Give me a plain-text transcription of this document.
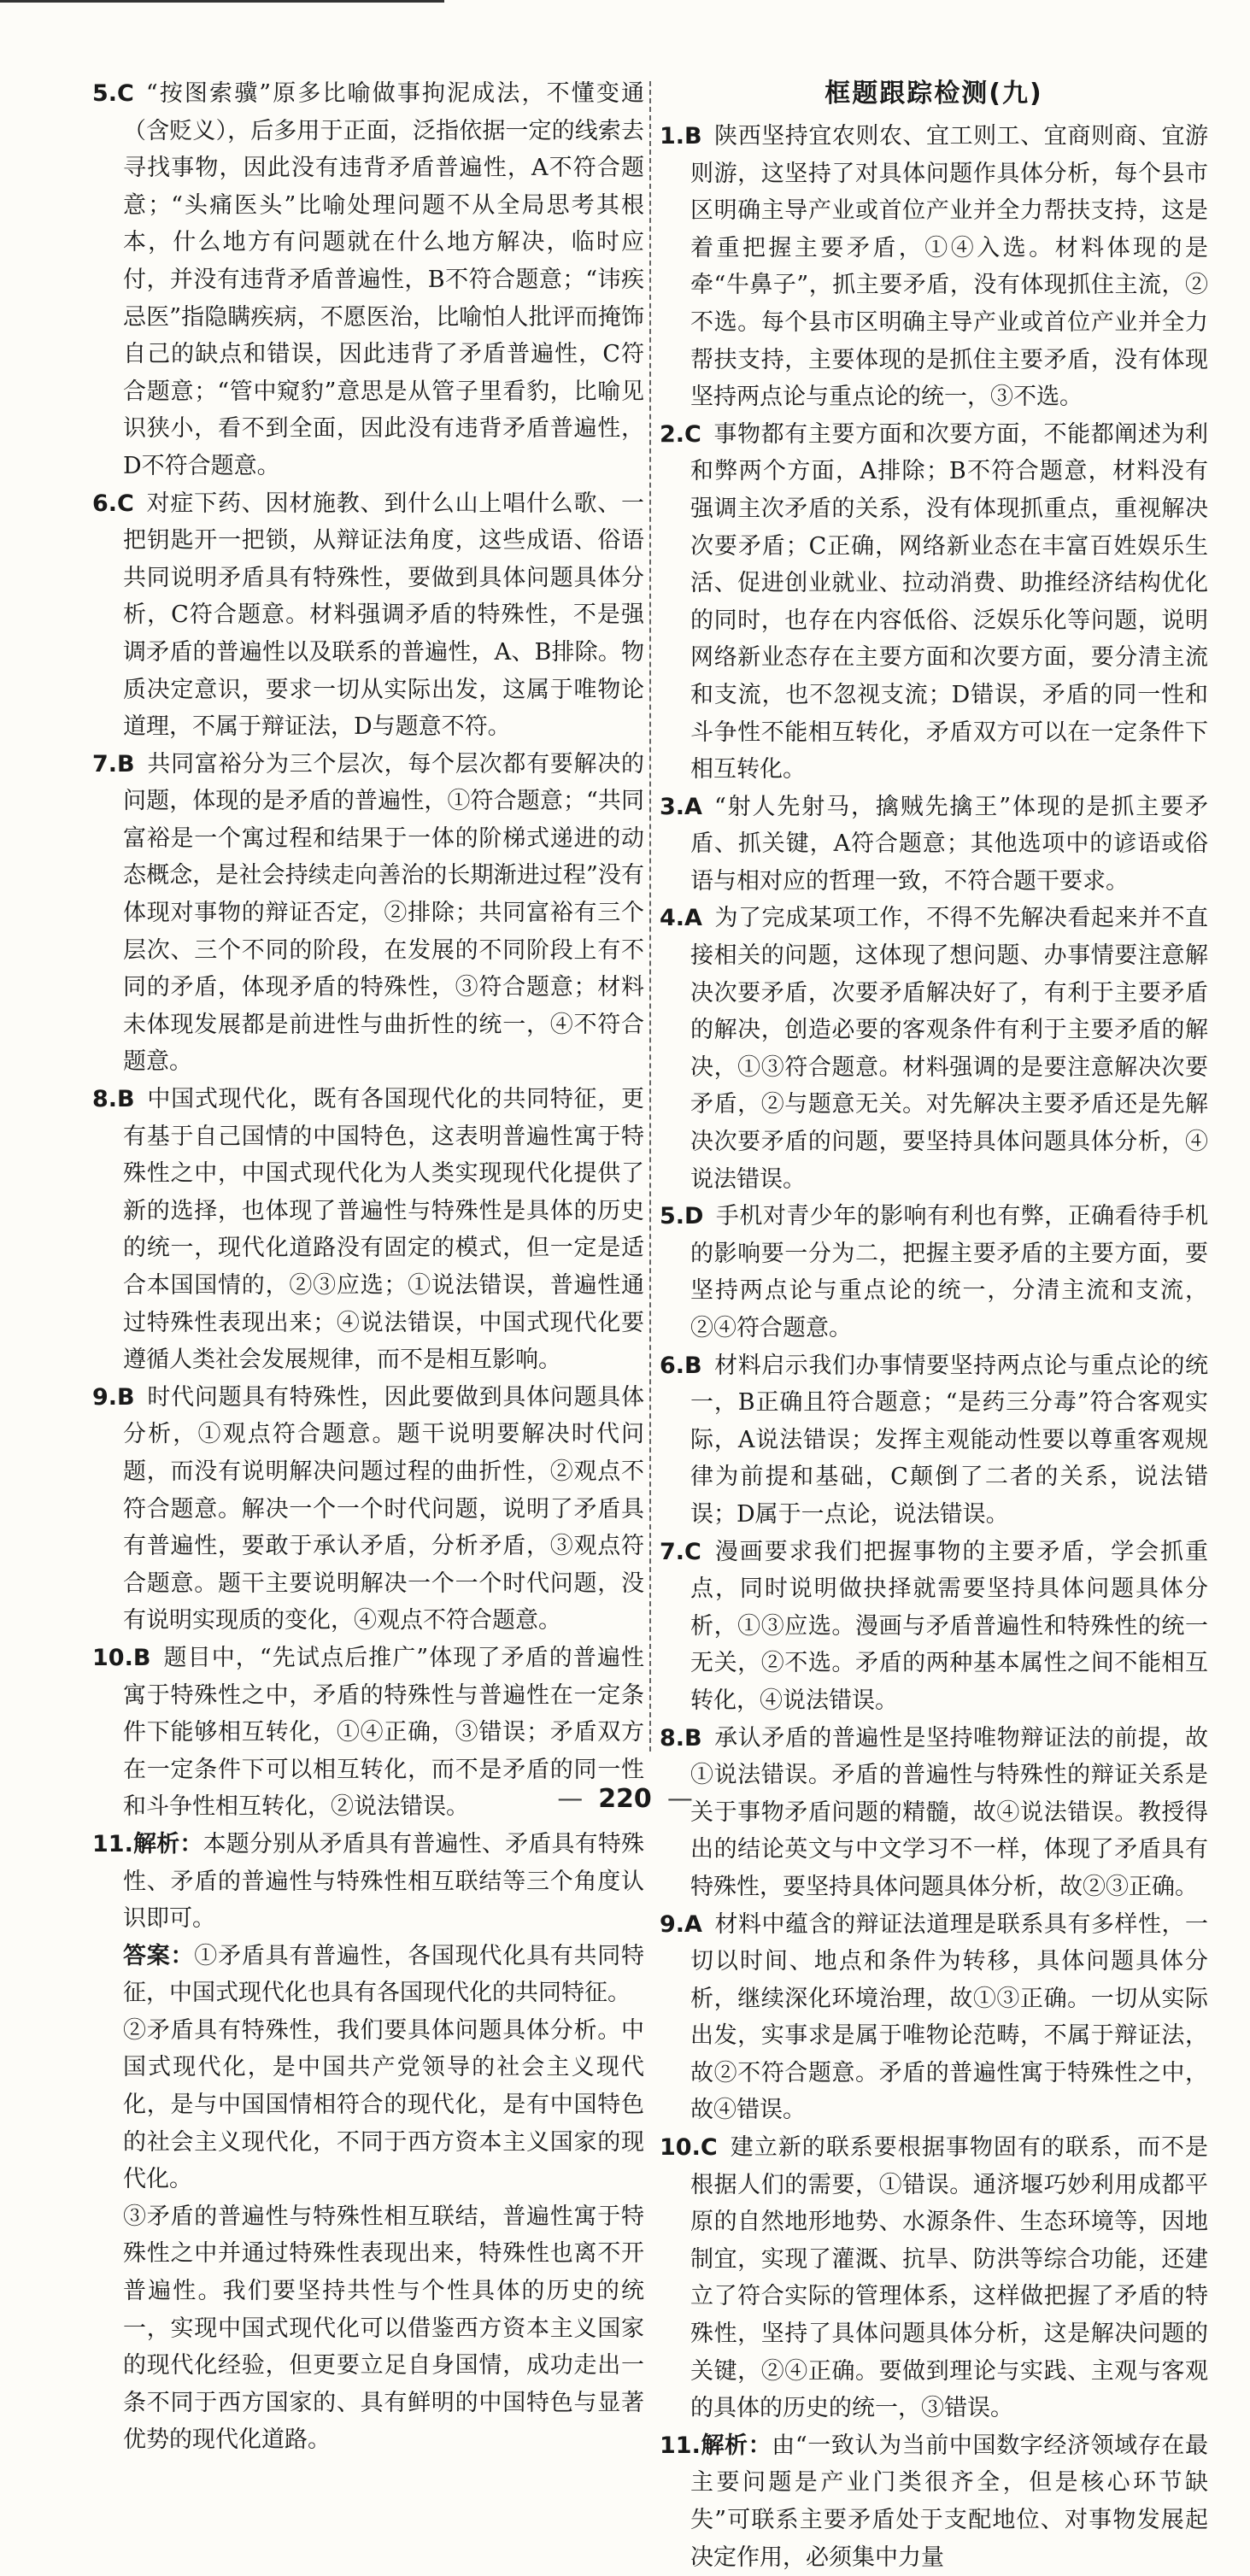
5.C “按图索骥”原多比喻做事拘泥成法，不懂变通（含贬义），后多用于正面，泛指依据一定的线索去寻找事物，因此没有违背矛盾普遍性，A不符合题意；“头痛医头”比喻处理问题不从全局思考其根本，什么地方有问题就在什么地方解决，临时应付，并没有违背矛盾普遍性，B不符合题意；“讳疾忌医”指隐瞒疾病，不愿医治，比喻怕人批评而掩饰自己的缺点和错误，因此违背了矛盾普遍性，C符合题意；“管中窥豹”意思是从管子里看豹，比喻见识狭小，看不到全面，因此没有违背矛盾普遍性，D不符合题意。

6.C 对症下药、因材施教、到什么山上唱什么歌、一把钥匙开一把锁，从辩证法角度，这些成语、俗语共同说明矛盾具有特殊性，要做到具体问题具体分析，C符合题意。材料强调矛盾的特殊性，不是强调矛盾的普遍性以及联系的普遍性，A、B排除。物质决定意识，要求一切从实际出发，这属于唯物论道理，不属于辩证法，D与题意不符。

7.B 共同富裕分为三个层次，每个层次都有要解决的问题，体现的是矛盾的普遍性，①符合题意；“共同富裕是一个寓过程和结果于一体的阶梯式递进的动态概念，是社会持续走向善治的长期渐进过程”没有体现对事物的辩证否定，②排除；共同富裕有三个层次、三个不同的阶段，在发展的不同阶段上有不同的矛盾，体现矛盾的特殊性，③符合题意；材料未体现发展都是前进性与曲折性的统一，④不符合题意。

8.B 中国式现代化，既有各国现代化的共同特征，更有基于自己国情的中国特色，这表明普遍性寓于特殊性之中，中国式现代化为人类实现现代化提供了新的选择，也体现了普遍性与特殊性是具体的历史的统一，现代化道路没有固定的模式，但一定是适合本国国情的，②③应选；①说法错误，普遍性通过特殊性表现出来；④说法错误，中国式现代化要遵循人类社会发展规律，而不是相互影响。

9.B 时代问题具有特殊性，因此要做到具体问题具体分析，①观点符合题意。题干说明要解决时代问题，而没有说明解决问题过程的曲折性，②观点不符合题意。解决一个一个时代问题，说明了矛盾具有普遍性，要敢于承认矛盾，分析矛盾，③观点符合题意。题干主要说明解决一个一个时代问题，没有说明实现质的变化，④观点不符合题意。

10.B 题目中，“先试点后推广”体现了矛盾的普遍性寓于特殊性之中，矛盾的特殊性与普遍性在一定条件下能够相互转化，①④正确，③错误；矛盾双方在一定条件下可以相互转化，而不是矛盾的同一性和斗争性相互转化，②说法错误。

11.解析：本题分别从矛盾具有普遍性、矛盾具有特殊性、矛盾的普遍性与特殊性相互联结等三个角度认识即可。

答案：①矛盾具有普遍性，各国现代化具有共同特征，中国式现代化也具有各国现代化的共同特征。

②矛盾具有特殊性，我们要具体问题具体分析。中国式现代化，是中国共产党领导的社会主义现代化，是与中国国情相符合的现代化，是有中国特色的社会主义现代化，不同于西方资本主义国家的现代化。

③矛盾的普遍性与特殊性相互联结，普遍性寓于特殊性之中并通过特殊性表现出来，特殊性也离不开普遍性。我们要坚持共性与个性具体的历史的统一，实现中国式现代化可以借鉴西方资本主义国家的现代化经验，但更要立足自身国情，成功走出一条不同于西方国家的、具有鲜明的中国特色与显著优势的现代化道路。

框题跟踪检测(九)

1.B 陕西坚持宜农则农、宜工则工、宜商则商、宜游则游，这坚持了对具体问题作具体分析，每个县市区明确主导产业或首位产业并全力帮扶支持，这是着重把握主要矛盾，①④入选。材料体现的是牵“牛鼻子”，抓主要矛盾，没有体现抓住主流，②不选。每个县市区明确主导产业或首位产业并全力帮扶支持，主要体现的是抓住主要矛盾，没有体现坚持两点论与重点论的统一，③不选。

2.C 事物都有主要方面和次要方面，不能都阐述为利和弊两个方面，A排除；B不符合题意，材料没有强调主次矛盾的关系，没有体现抓重点，重视解决次要矛盾；C正确，网络新业态在丰富百姓娱乐生活、促进创业就业、拉动消费、助推经济结构优化的同时，也存在内容低俗、泛娱乐化等问题，说明网络新业态存在主要方面和次要方面，要分清主流和支流，也不忽视支流；D错误，矛盾的同一性和斗争性不能相互转化，矛盾双方可以在一定条件下相互转化。

3.A “射人先射马，擒贼先擒王”体现的是抓主要矛盾、抓关键，A符合题意；其他选项中的谚语或俗语与相对应的哲理一致，不符合题干要求。

4.A 为了完成某项工作，不得不先解决看起来并不直接相关的问题，这体现了想问题、办事情要注意解决次要矛盾，次要矛盾解决好了，有利于主要矛盾的解决，创造必要的客观条件有利于主要矛盾的解决，①③符合题意。材料强调的是要注意解决次要矛盾，②与题意无关。对先解决主要矛盾还是先解决次要矛盾的问题，要坚持具体问题具体分析，④说法错误。

5.D 手机对青少年的影响有利也有弊，正确看待手机的影响要一分为二，把握主要矛盾的主要方面，要坚持两点论与重点论的统一，分清主流和支流，②④符合题意。

6.B 材料启示我们办事情要坚持两点论与重点论的统一，B正确且符合题意；“是药三分毒”符合客观实际，A说法错误；发挥主观能动性要以尊重客观规律为前提和基础，C颠倒了二者的关系，说法错误；D属于一点论，说法错误。

7.C 漫画要求我们把握事物的主要矛盾，学会抓重点，同时说明做抉择就需要坚持具体问题具体分析，①③应选。漫画与矛盾普遍性和特殊性的统一无关，②不选。矛盾的两种基本属性之间不能相互转化，④说法错误。

8.B 承认矛盾的普遍性是坚持唯物辩证法的前提，故①说法错误。矛盾的普遍性与特殊性的辩证关系是关于事物矛盾问题的精髓，故④说法错误。教授得出的结论英文与中文学习不一样，体现了矛盾具有特殊性，要坚持具体问题具体分析，故②③正确。

9.A 材料中蕴含的辩证法道理是联系具有多样性，一切以时间、地点和条件为转移，具体问题具体分析，继续深化环境治理，故①③正确。一切从实际出发，实事求是属于唯物论范畴，不属于辩证法，故②不符合题意。矛盾的普遍性寓于特殊性之中，故④错误。

10.C 建立新的联系要根据事物固有的联系，而不是根据人们的需要，①错误。通济堰巧妙利用成都平原的自然地形地势、水源条件、生态环境等，因地制宜，实现了灌溉、抗旱、防洪等综合功能，还建立了符合实际的管理体系，这样做把握了矛盾的特殊性，坚持了具体问题具体分析，这是解决问题的关键，②④正确。要做到理论与实践、主观与客观的具体的历史的统一，③错误。

11.解析：由“一致认为当前中国数字经济领域存在最主要问题是产业门类很齐全，但是核心环节缺失”可联系主要矛盾处于支配地位、对事物发展起决定作用，必须集中力量

— 220 —
